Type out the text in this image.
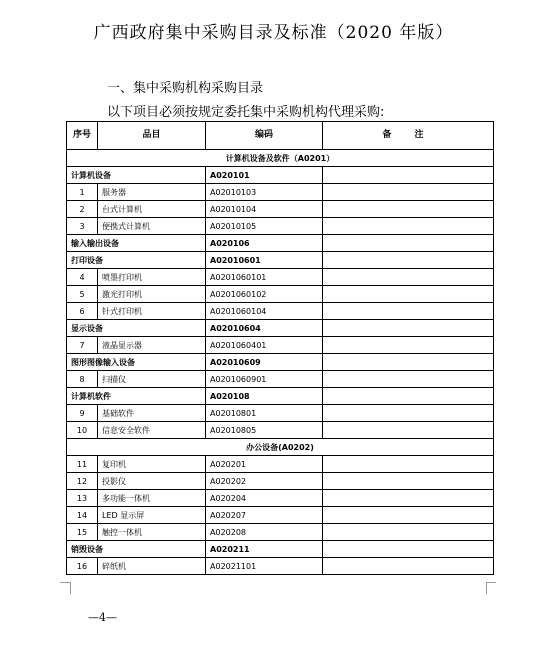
广西政府集中采购目录及标准（2020 年版）
一、集中采购机构采购目录
以下项目必须按规定委托集中采购机构代理采购:
序号	品目	编码	备 注
计算机设备及软件（A0201）			
计算机设备		A020101	
1	服务器	A02010103	
2	台式计算机	A02010104	
3	便携式计算机	A02010105	
输入输出设备		A020106	
打印设备		A02010601	
4	喷墨打印机	A0201060101	
5	激光打印机	A0201060102	
6	针式打印机	A0201060104	
显示设备		A02010604	
7	液晶显示器	A0201060401	
图形图像输入设备		A02010609	
8	扫描仪	A0201060901	
计算机软件		A020108	
9	基础软件	A02010801	
10	信息安全软件	A02010805	
办公设备(A0202)			
11	复印机	A020201	
12	投影仪	A020202	
13	多功能一体机	A020204	
14	LED 显示屏	A020207	
15	触控一体机	A020208	
销毁设备		A020211	
16	碎纸机	A02021101	
—4—
